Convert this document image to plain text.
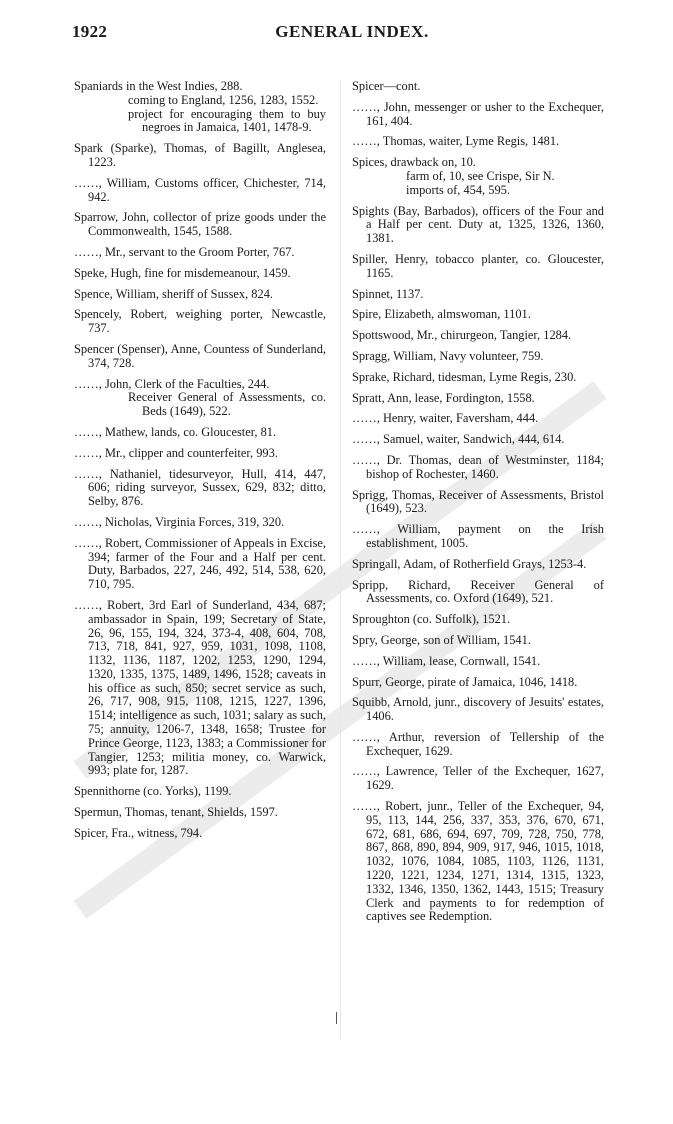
1922	GENERAL INDEX.
Spaniards in the West Indies, 288.
coming to England, 1256, 1283, 1552.
project for encouraging them to buy negroes in Jamaica, 1401, 1478-9.
Spark (Sparke), Thomas, of Bagillt, Anglesea, 1223.
……, William, Customs officer, Chichester, 714, 942.
Sparrow, John, collector of prize goods under the Commonwealth, 1545, 1588.
……, Mr., servant to the Groom Porter, 767.
Speke, Hugh, fine for misdemeanour, 1459.
Spence, William, sheriff of Sussex, 824.
Spencely, Robert, weighing porter, Newcastle, 737.
Spencer (Spenser), Anne, Countess of Sunderland, 374, 728.
……, John, Clerk of the Faculties, 244.
Receiver General of Assessments, co. Beds (1649), 522.
……, Mathew, lands, co. Gloucester, 81.
……, Mr., clipper and counterfeiter, 993.
……, Nathaniel, tidesurveyor, Hull, 414, 447, 606; riding surveyor, Sussex, 629, 832; ditto, Selby, 876.
……, Nicholas, Virginia Forces, 319, 320.
……, Robert, Commissioner of Appeals in Excise, 394; farmer of the Four and a Half per cent. Duty, Barbados, 227, 246, 492, 514, 538, 620, 710, 795.
……, Robert, 3rd Earl of Sunderland, 434, 687; ambassador in Spain, 199; Secretary of State, 26, 96, 155, 194, 324, 373-4, 408, 604, 708, 713, 718, 841, 927, 959, 1031, 1098, 1108, 1132, 1136, 1187, 1202, 1253, 1290, 1294, 1320, 1335, 1375, 1489, 1496, 1528; caveats in his office as such, 850; secret service as such, 26, 717, 908, 915, 1108, 1215, 1227, 1396, 1514; intelligence as such, 1031; salary as such, 75; annuity, 1206-7, 1348, 1658; Trustee for Prince George, 1123, 1383; a Commissioner for Tangier, 1253; militia money, co. Warwick, 993; plate for, 1287.
Spennithorne (co. Yorks), 1199.
Spermun, Thomas, tenant, Shields, 1597.
Spicer, Fra., witness, 794.
Spicer—cont.
……, John, messenger or usher to the Exchequer, 161, 404.
……, Thomas, waiter, Lyme Regis, 1481.
Spices, drawback on, 10.
farm of, 10, see Crispe, Sir N.
imports of, 454, 595.
Spights (Bay, Barbados), officers of the Four and a Half per cent. Duty at, 1325, 1326, 1360, 1381.
Spiller, Henry, tobacco planter, co. Gloucester, 1165.
Spinnet, 1137.
Spire, Elizabeth, almswoman, 1101.
Spottswood, Mr., chirurgeon, Tangier, 1284.
Spragg, William, Navy volunteer, 759.
Sprake, Richard, tidesman, Lyme Regis, 230.
Spratt, Ann, lease, Fordington, 1558.
……, Henry, waiter, Faversham, 444.
……, Samuel, waiter, Sandwich, 444, 614.
……, Dr. Thomas, dean of Westminster, 1184; bishop of Rochester, 1460.
Sprigg, Thomas, Receiver of Assessments, Bristol (1649), 523.
……, William, payment on the Irish establishment, 1005.
Springall, Adam, of Rotherfield Grays, 1253-4.
Spripp, Richard, Receiver General of Assessments, co. Oxford (1649), 521.
Sproughton (co. Suffolk), 1521.
Spry, George, son of William, 1541.
……, William, lease, Cornwall, 1541.
Spurr, George, pirate of Jamaica, 1046, 1418.
Squibb, Arnold, junr., discovery of Jesuits' estates, 1406.
……, Arthur, reversion of Tellership of the Exchequer, 1629.
……, Lawrence, Teller of the Exchequer, 1627, 1629.
……, Robert, junr., Teller of the Exchequer, 94, 95, 113, 144, 256, 337, 353, 376, 670, 671, 672, 681, 686, 694, 697, 709, 728, 750, 778, 867, 868, 890, 894, 909, 917, 946, 1015, 1018, 1032, 1076, 1084, 1085, 1103, 1126, 1131, 1220, 1221, 1234, 1271, 1314, 1315, 1323, 1332, 1346, 1350, 1362, 1443, 1515; Treasury Clerk and payments to for redemption of captives see Redemption.
